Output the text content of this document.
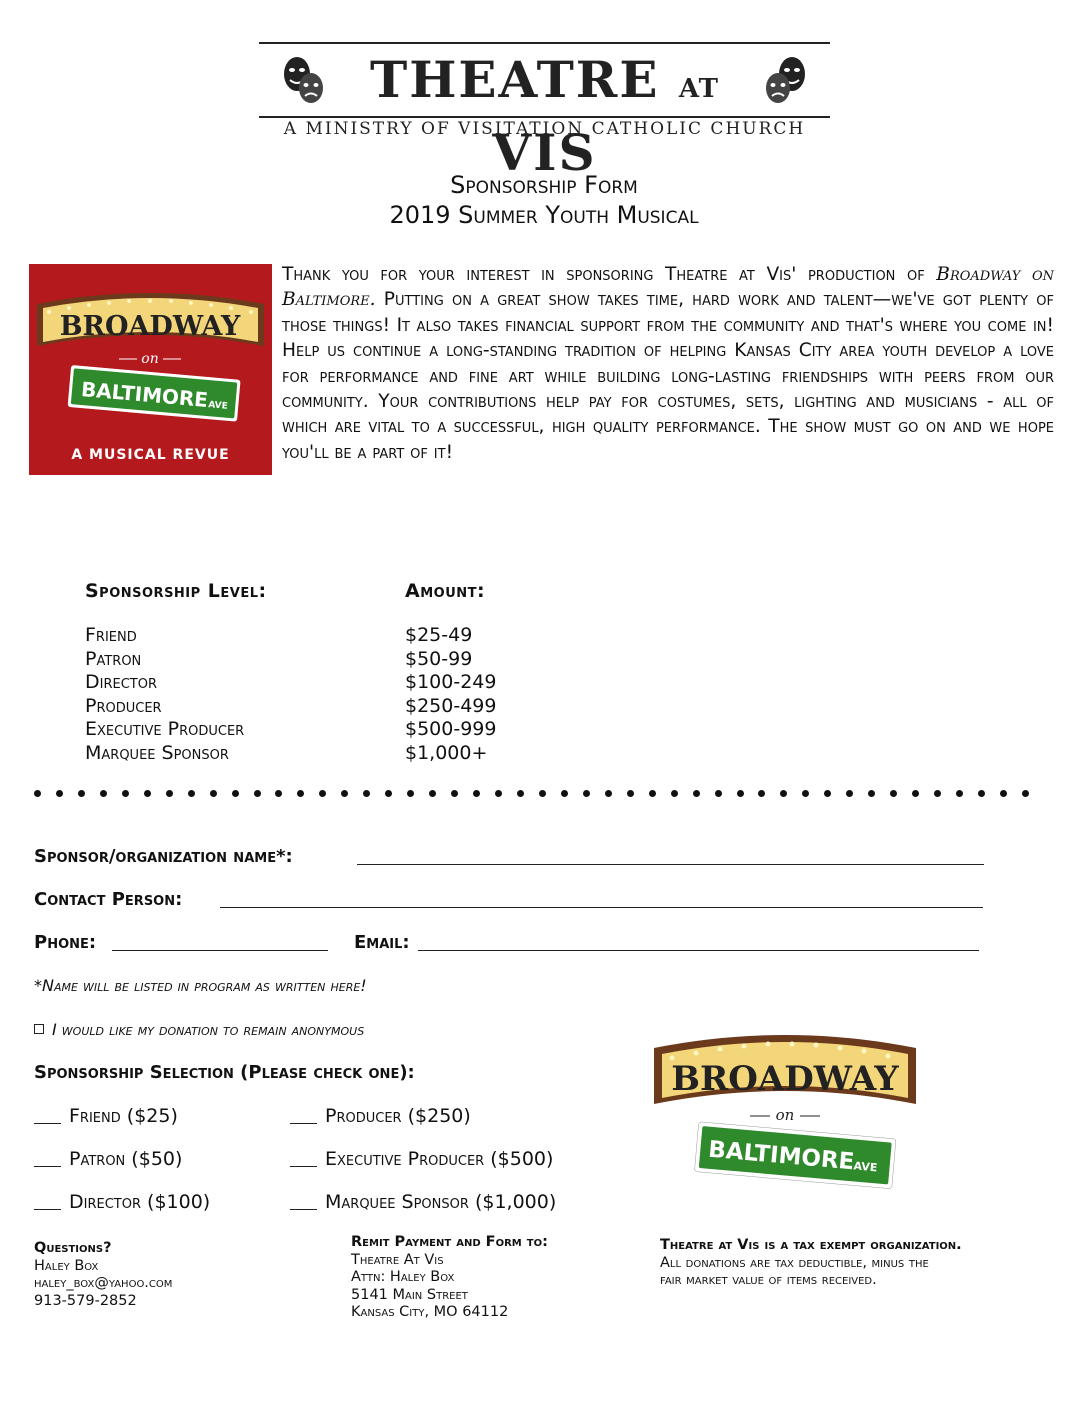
THEATRE AT VIS
A MINISTRY OF VISITATION CATHOLIC CHURCH
Sponsorship Form
2019 Summer Youth Musical
BROADWAY
on
BALTIMORE
AVE
A MUSICAL REVUE

Thank you for your interest in sponsoring Theatre at Vis' production of Broadway on Baltimore. Putting on a great show takes time, hard work and talent—we've got plenty of those things! It also takes financial support from the community and that's where you come in! Help us continue a long-standing tradition of helping Kansas City area youth develop a love for performance and fine art while building long-lasting friendships with peers from our community. Your contributions help pay for costumes, sets, lighting and musicians - all of which are vital to a successful, high quality performance. The show must go on and we hope you'll be a part of it!

Sponsorship Level:	Amount:
Friend	$25-49
Patron	$50-99
Director	$100-249
Producer	$250-499
Executive Producer	$500-999
Marquee Sponsor	$1,000+
Sponsor/organization name*:
Contact Person:
Phone:	Email:
*Name will be listed in program as written here!
I would like my donation to remain anonymous
Sponsorship Selection (Please check one):
Friend ($25)
Patron ($50)
Director ($100)
Producer ($250)
Executive Producer ($500)
Marquee Sponsor ($1,000)
BROADWAY
on
BALTIMORE
AVE
Questions?
Haley Box
haley_box@yahoo.com
913-579-2852
Remit Payment and Form to:
Theatre At Vis
Attn: Haley Box
5141 Main Street
Kansas City, MO 64112
Theatre at Vis is a tax exempt organization.
All donations are tax deductible, minus the
fair market value of items received.
